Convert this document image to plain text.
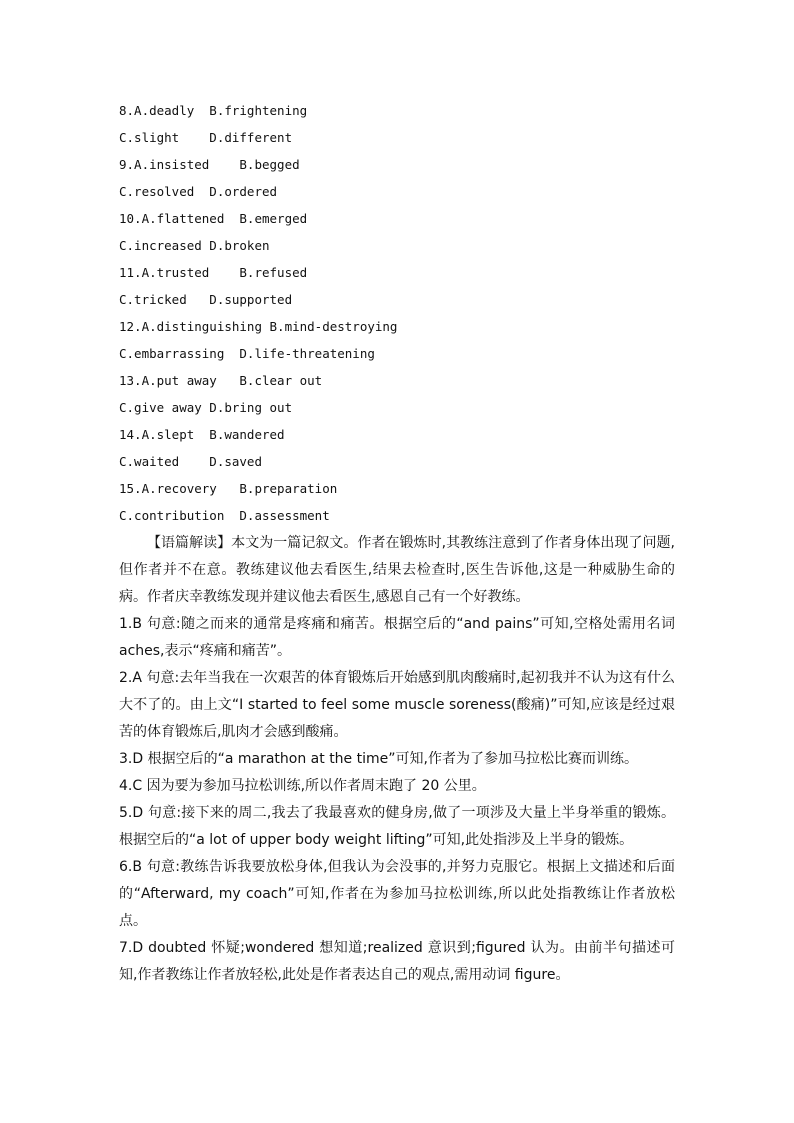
8.A.deadly  B.frightening
C.slight    D.different
9.A.insisted    B.begged
C.resolved  D.ordered
10.A.flattened  B.emerged
C.increased D.broken
11.A.trusted    B.refused
C.tricked   D.supported
12.A.distinguishing B.mind-destroying
C.embarrassing  D.life-threatening
13.A.put away   B.clear out
C.give away D.bring out
14.A.slept  B.wandered
C.waited    D.saved
15.A.recovery   B.preparation
C.contribution  D.assessment
【语篇解读】本文为一篇记叙文。作者在锻炼时,其教练注意到了作者身体出现了问题,但作者并不在意。教练建议他去看医生,结果去检查时,医生告诉他,这是一种威胁生命的病。作者庆幸教练发现并建议他去看医生,感恩自己有一个好教练。
1.B 句意:随之而来的通常是疼痛和痛苦。根据空后的“and pains”可知,空格处需用名词 aches,表示“疼痛和痛苦”。
2.A 句意:去年当我在一次艰苦的体育锻炼后开始感到肌肉酸痛时,起初我并不认为这有什么大不了的。由上文“I started to feel some muscle soreness(酸痛)”可知,应该是经过艰苦的体育锻炼后,肌肉才会感到酸痛。
3.D 根据空后的“a marathon at the time”可知,作者为了参加马拉松比赛而训练。
4.C 因为要为参加马拉松训练,所以作者周末跑了 20 公里。
5.D 句意:接下来的周二,我去了我最喜欢的健身房,做了一项涉及大量上半身举重的锻炼。根据空后的“a lot of upper body weight lifting”可知,此处指涉及上半身的锻炼。
6.B 句意:教练告诉我要放松身体,但我认为会没事的,并努力克服它。根据上文描述和后面的“Afterward, my coach”可知,作者在为参加马拉松训练,所以此处指教练让作者放松点。
7.D doubted 怀疑;wondered 想知道;realized 意识到;figured 认为。由前半句描述可知,作者教练让作者放轻松,此处是作者表达自己的观点,需用动词 figure。
